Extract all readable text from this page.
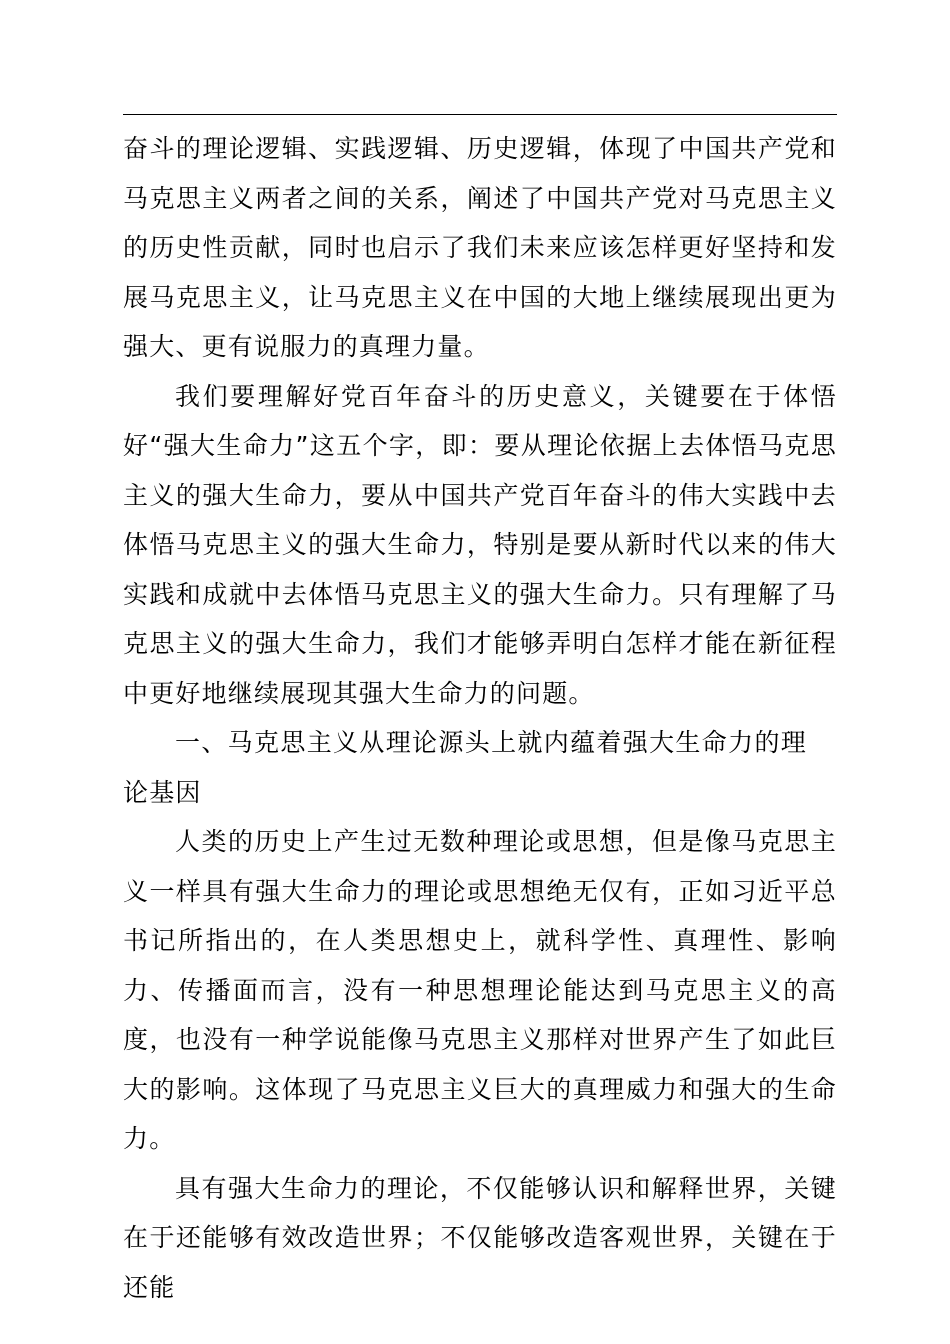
奋斗的理论逻辑、实践逻辑、历史逻辑，体现了中国共产党和马克思主义两者之间的关系，阐述了中国共产党对马克思主义的历史性贡献，同时也启示了我们未来应该怎样更好坚持和发展马克思主义，让马克思主义在中国的大地上继续展现出更为强大、更有说服力的真理力量。

我们要理解好党百年奋斗的历史意义，关键要在于体悟好“强大生命力”这五个字，即：要从理论依据上去体悟马克思主义的强大生命力，要从中国共产党百年奋斗的伟大实践中去体悟马克思主义的强大生命力，特别是要从新时代以来的伟大实践和成就中去体悟马克思主义的强大生命力。只有理解了马克思主义的强大生命力，我们才能够弄明白怎样才能在新征程中更好地继续展现其强大生命力的问题。

一、马克思主义从理论源头上就内蕴着强大生命力的理论基因

人类的历史上产生过无数种理论或思想，但是像马克思主义一样具有强大生命力的理论或思想绝无仅有，正如习近平总书记所指出的，在人类思想史上，就科学性、真理性、影响力、传播面而言，没有一种思想理论能达到马克思主义的高度，也没有一种学说能像马克思主义那样对世界产生了如此巨大的影响。这体现了马克思主义巨大的真理威力和强大的生命力。

具有强大生命力的理论，不仅能够认识和解释世界，关键在于还能够有效改造世界；不仅能够改造客观世界，关键在于还能
